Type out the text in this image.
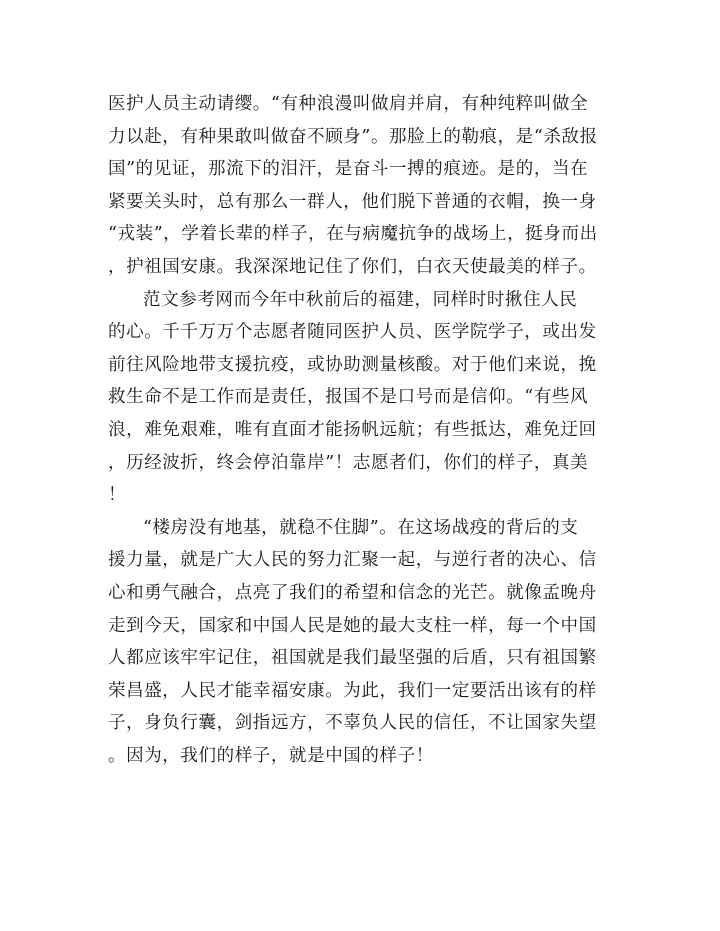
医护人员主动请缨。“有种浪漫叫做肩并肩，有种纯粹叫做全
力以赴，有种果敢叫做奋不顾身”。那脸上的勒痕，是“杀敌报
国”的见证，那流下的泪汗，是奋斗一搏的痕迹。是的，当在
紧要关头时，总有那么一群人，他们脱下普通的衣帽，换一身
“戎装”，学着长辈的样子，在与病魔抗争的战场上，挺身而出
，护祖国安康。我深深地记住了你们，白衣天使最美的样子。
范文参考网而今年中秋前后的福建，同样时时揪住人民
的心。千千万万个志愿者随同医护人员、医学院学子，或出发
前往风险地带支援抗疫，或协助测量核酸。对于他们来说，挽
救生命不是工作而是责任，报国不是口号而是信仰。“有些风
浪，难免艰难，唯有直面才能扬帆远航；有些抵达，难免迂回
，历经波折，终会停泊靠岸”！志愿者们，你们的样子，真美
！
“楼房没有地基，就稳不住脚”。在这场战疫的背后的支
援力量，就是广大人民的努力汇聚一起，与逆行者的决心、信
心和勇气融合，点亮了我们的希望和信念的光芒。就像孟晚舟
走到今天，国家和中国人民是她的最大支柱一样，每一个中国
人都应该牢牢记住，祖国就是我们最坚强的后盾，只有祖国繁
荣昌盛，人民才能幸福安康。为此，我们一定要活出该有的样
子，身负行囊，剑指远方，不辜负人民的信任，不让国家失望
。因为，我们的样子，就是中国的样子！
